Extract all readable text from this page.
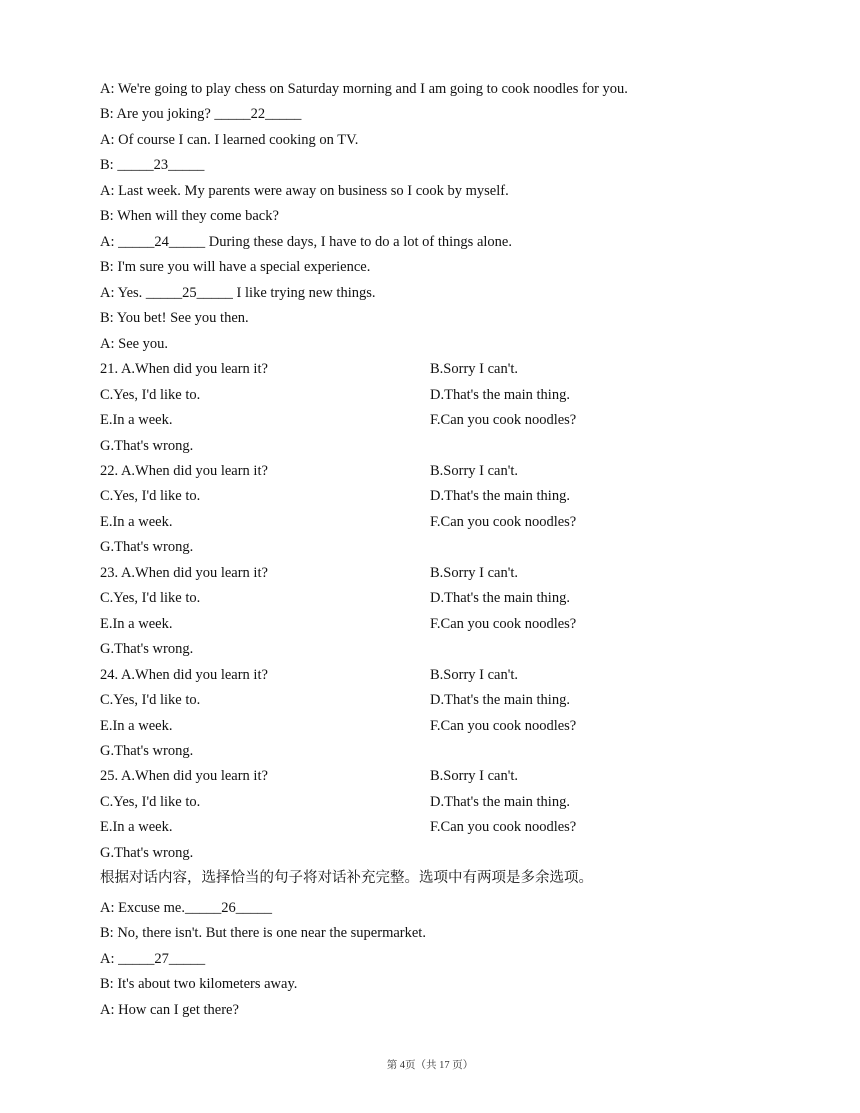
A: We're going to play chess on Saturday morning and I am going to cook noodles for you.
B: Are you joking? _____22_____
A: Of course I can. I learned cooking on TV.
B: _____23_____
A: Last week. My parents were away on business so I cook by myself.
B: When will they come back?
A: _____24_____ During these days, I have to do a lot of things alone.
B: I'm sure you will have a special experience.
A: Yes. _____25_____ I like trying new things.
B: You bet! See you then.
A: See you.
21. A.When did you learn it?	B.Sorry I can't.
C.Yes, I'd like to.	D.That's the main thing.
E.In a week.	F.Can you cook noodles?
G.That's wrong.
22. A.When did you learn it?	B.Sorry I can't.
C.Yes, I'd like to.	D.That's the main thing.
E.In a week.	F.Can you cook noodles?
G.That's wrong.
23. A.When did you learn it?	B.Sorry I can't.
C.Yes, I'd like to.	D.That's the main thing.
E.In a week.	F.Can you cook noodles?
G.That's wrong.
24. A.When did you learn it?	B.Sorry I can't.
C.Yes, I'd like to.	D.That's the main thing.
E.In a week.	F.Can you cook noodles?
G.That's wrong.
25. A.When did you learn it?	B.Sorry I can't.
C.Yes, I'd like to.	D.That's the main thing.
E.In a week.	F.Can you cook noodles?
G.That's wrong.
根据对话内容，选择恰当的句子将对话补充完整。选项中有两项是多余选项。
A: Excuse me._____26_____
B: No, there isn't. But there is one near the supermarket.
A: _____27_____
B: It's about two kilometers away.
A: How can I get there?
第 4页（共 17 页）
